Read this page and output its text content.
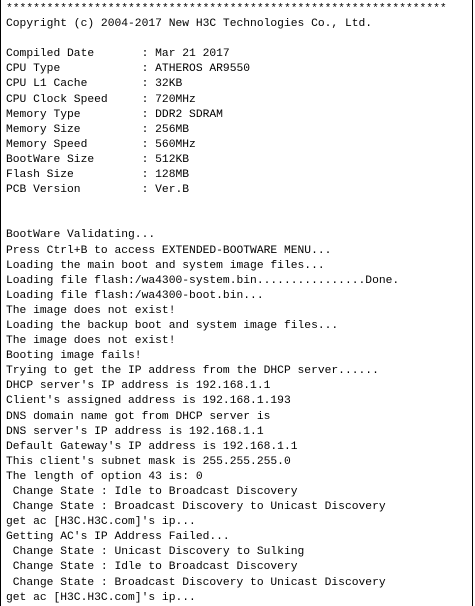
*****************************************************************
Copyright (c) 2004-2017 New H3C Technologies Co., Ltd.
Compiled Date       : Mar 21 2017
CPU Type            : ATHEROS AR9550
CPU L1 Cache        : 32KB
CPU Clock Speed     : 720MHz
Memory Type         : DDR2 SDRAM
Memory Size         : 256MB
Memory Speed        : 560MHz
BootWare Size       : 512KB
Flash Size          : 128MB
PCB Version         : Ver.B
BootWare Validating...
Press Ctrl+B to access EXTENDED-BOOTWARE MENU...
Loading the main boot and system image files...
Loading file flash:/wa4300-system.bin................Done.
Loading file flash:/wa4300-boot.bin...
The image does not exist!
Loading the backup boot and system image files...
The image does not exist!
Booting image fails!
Trying to get the IP address from the DHCP server......
DHCP server's IP address is 192.168.1.1
Client's assigned address is 192.168.1.193
DNS domain name got from DHCP server is
DNS server's IP address is 192.168.1.1
Default Gateway's IP address is 192.168.1.1
This client's subnet mask is 255.255.255.0
The length of option 43 is: 0
Change State : Idle to Broadcast Discovery
Change State : Broadcast Discovery to Unicast Discovery
get ac [H3C.H3C.com]'s ip...
Getting AC's IP Address Failed...
Change State : Unicast Discovery to Sulking
Change State : Idle to Broadcast Discovery
Change State : Broadcast Discovery to Unicast Discovery
get ac [H3C.H3C.com]'s ip...
